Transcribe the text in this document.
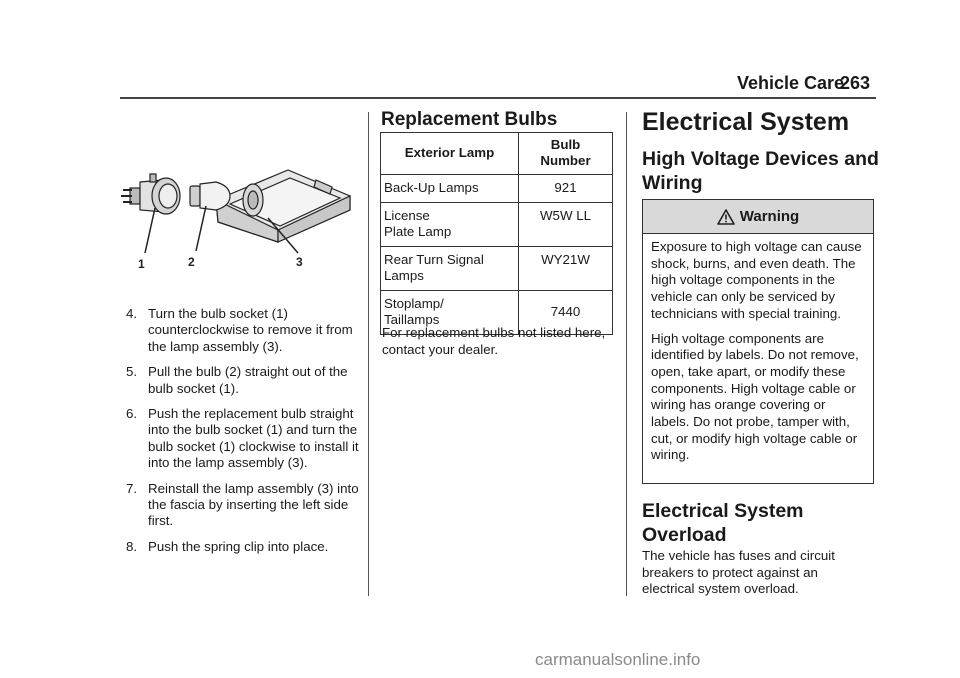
Vehicle Care
263
1	2	3
4. Turn the bulb socket (1) counterclockwise to remove it from the lamp assembly (3).
5. Pull the bulb (2) straight out of the bulb socket (1).
6. Push the replacement bulb straight into the bulb socket (1) and turn the bulb socket (1) clockwise to install it into the lamp assembly (3).
7. Reinstall the lamp assembly (3) into the fascia by inserting the left side first.
8. Push the spring clip into place.
Replacement Bulbs
Exterior Lamp	Bulb Number
Back-Up Lamps	921
License Plate Lamp	W5W LL
Rear Turn Signal Lamps	WY21W
Stoplamp/ Taillamps	7440
For replacement bulbs not listed here, contact your dealer.
Electrical System
High Voltage Devices and Wiring
Warning

Exposure to high voltage can cause shock, burns, and even death. The high voltage components in the vehicle can only be serviced by technicians with special training.

High voltage components are identified by labels. Do not remove, open, take apart, or modify these components. High voltage cable or wiring has orange covering or labels. Do not probe, tamper with, cut, or modify high voltage cable or wiring.

Electrical System Overload
The vehicle has fuses and circuit breakers to protect against an electrical system overload.
carmanualsonline.info
